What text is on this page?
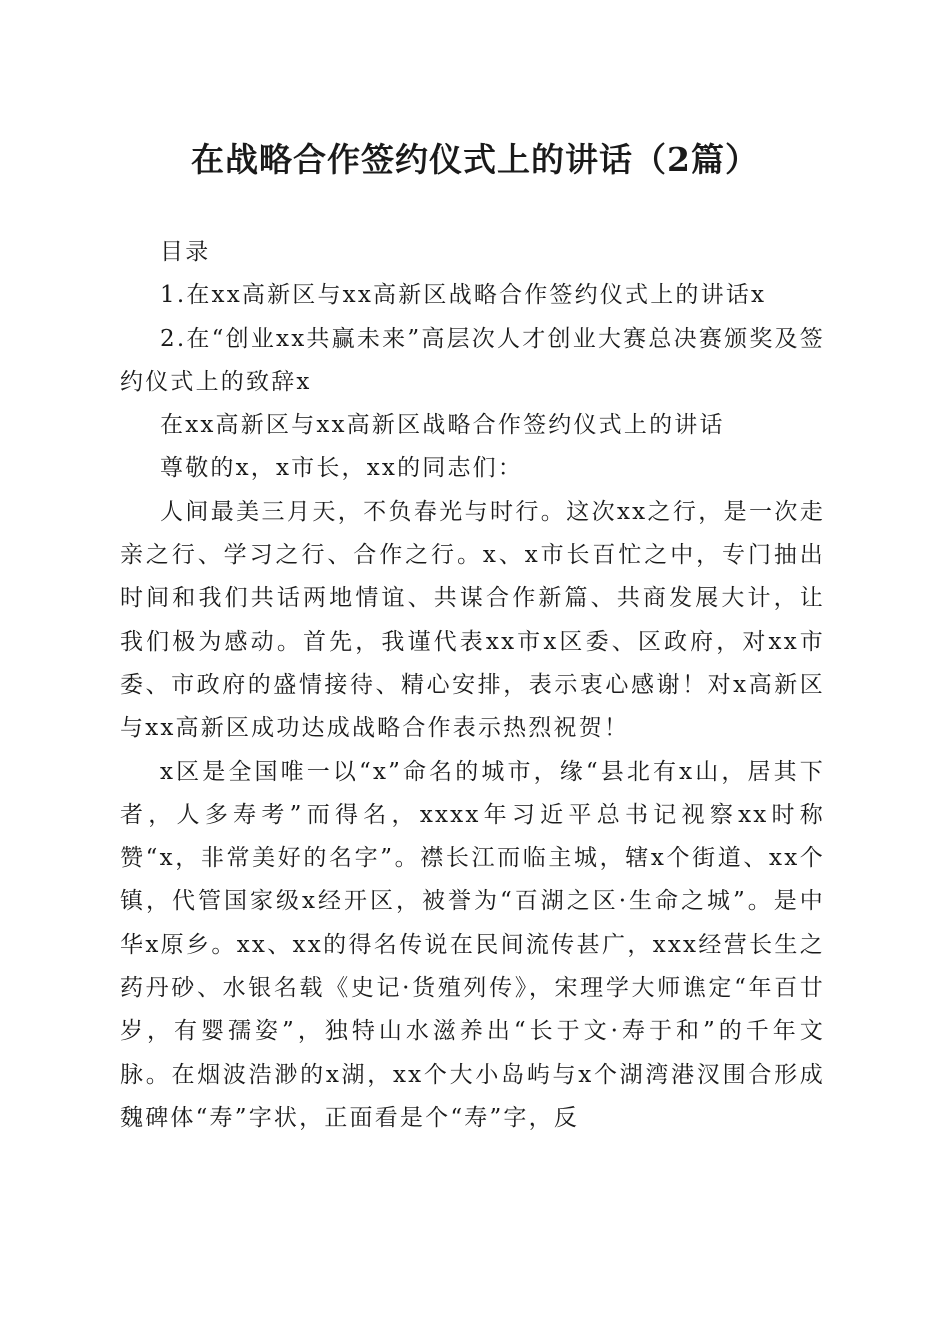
在战略合作签约仪式上的讲话（2篇）

目录

1.在xx高新区与xx高新区战略合作签约仪式上的讲话x

2.在“创业xx共赢未来”高层次人才创业大赛总决赛颁奖及签约仪式上的致辞x

在xx高新区与xx高新区战略合作签约仪式上的讲话

尊敬的x，x市长，xx的同志们：

人间最美三月天，不负春光与时行。这次xx之行，是一次走亲之行、学习之行、合作之行。x、x市长百忙之中，专门抽出时间和我们共话两地情谊、共谋合作新篇、共商发展大计，让我们极为感动。首先，我谨代表xx市x区委、区政府，对xx市委、市政府的盛情接待、精心安排，表示衷心感谢！对x高新区与xx高新区成功达成战略合作表示热烈祝贺！

x区是全国唯一以“x”命名的城市，缘“县北有x山，居其下者，人多寿考”而得名，xxxx年习近平总书记视察xx时称赞“x，非常美好的名字”。襟长江而临主城，辖x个街道、xx个镇，代管国家级x经开区，被誉为“百湖之区·生命之城”。是中华x原乡。xx、xx的得名传说在民间流传甚广，xxx经营长生之药丹砂、水银名载《史记·货殖列传》，宋理学大师谯定“年百廿岁，有婴孺姿”，独特山水滋养出“长于文·寿于和”的千年文脉。在烟波浩渺的x湖，xx个大小岛屿与x个湖湾港汊围合形成魏碑体“寿”字状，正面看是个“寿”字，反
